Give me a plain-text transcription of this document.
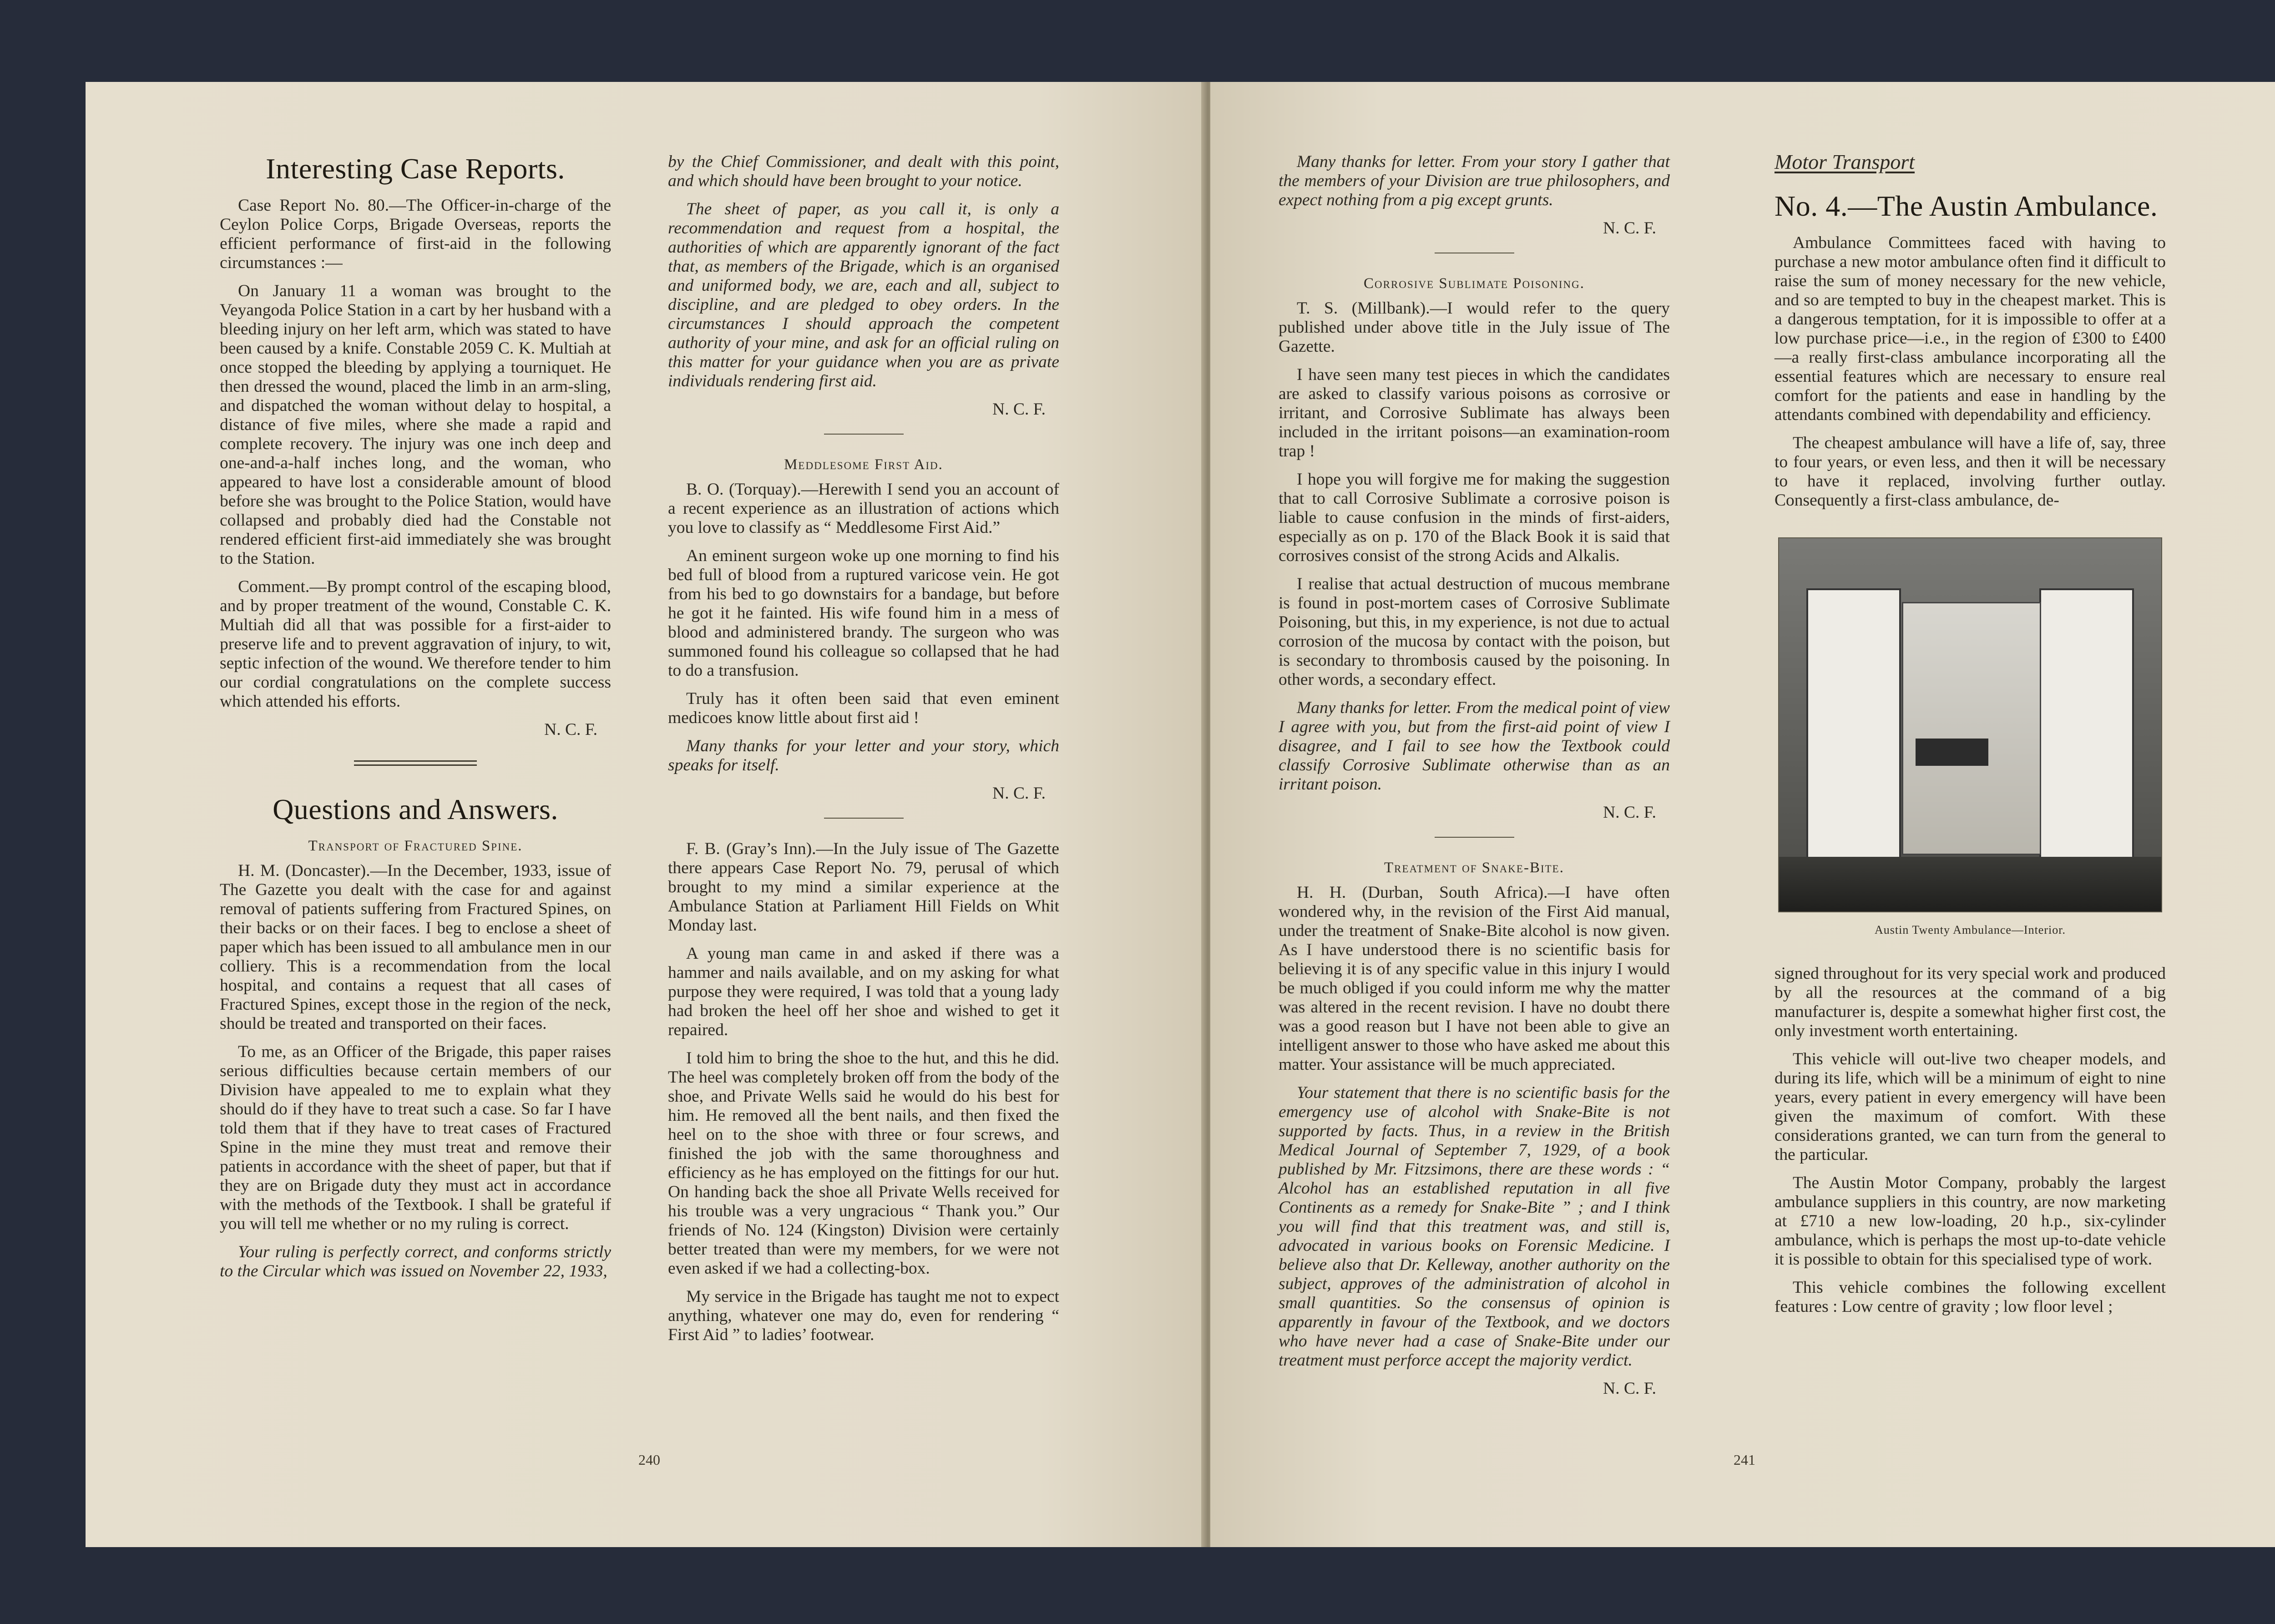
Interesting Case Reports.

Case Report No. 80.—The Officer-in-charge of the Ceylon Police Corps, Brigade Overseas, reports the efficient performance of first-aid in the following circumstances :—

On January 11 a woman was brought to the Veyangoda Police Station in a cart by her husband with a bleeding injury on her left arm, which was stated to have been caused by a knife. Constable 2059 C. K. Multiah at once stopped the bleeding by applying a tourniquet. He then dressed the wound, placed the limb in an arm-sling, and dispatched the woman without delay to hospital, a distance of five miles, where she made a rapid and complete recovery. The injury was one inch deep and one-and-a-half inches long, and the woman, who appeared to have lost a considerable amount of blood before she was brought to the Police Station, would have collapsed and probably died had the Constable not rendered efficient first-aid immediately she was brought to the Station.

Comment.—By prompt control of the escaping blood, and by proper treatment of the wound, Constable C. K. Multiah did all that was possible for a first-aider to preserve life and to prevent aggravation of injury, to wit, septic infection of the wound. We therefore tender to him our cordial congratulations on the complete success which attended his efforts.

N. C. F.
Questions and Answers.
Transport of Fractured Spine.

H. M. (Doncaster).—In the December, 1933, issue of The Gazette you dealt with the case for and against removal of patients suffering from Fractured Spines, on their backs or on their faces. I beg to enclose a sheet of paper which has been issued to all ambulance men in our colliery. This is a recommendation from the local hospital, and contains a request that all cases of Fractured Spines, except those in the region of the neck, should be treated and transported on their faces.

To me, as an Officer of the Brigade, this paper raises serious difficulties because certain members of our Division have appealed to me to explain what they should do if they have to treat such a case. So far I have told them that if they have to treat cases of Fractured Spine in the mine they must treat and remove their patients in accordance with the sheet of paper, but that if they are on Brigade duty they must act in accordance with the methods of the Textbook. I shall be grateful if you will tell me whether or no my ruling is correct.

Your ruling is perfectly correct, and conforms strictly to the Circular which was issued on November 22, 1933,

by the Chief Commissioner, and dealt with this point, and which should have been brought to your notice.

The sheet of paper, as you call it, is only a recommendation and request from a hospital, the authorities of which are apparently ignorant of the fact that, as members of the Brigade, which is an organised and uniformed body, we are, each and all, subject to discipline, and are pledged to obey orders. In the circumstances I should approach the competent authority of your mine, and ask for an official ruling on this matter for your guidance when you are as private individuals rendering first aid.

N. C. F.
Meddlesome First Aid.

B. O. (Torquay).—Herewith I send you an account of a recent experience as an illustration of actions which you love to classify as “ Meddlesome First Aid.”

An eminent surgeon woke up one morning to find his bed full of blood from a ruptured varicose vein. He got from his bed to go downstairs for a bandage, but before he got it he fainted. His wife found him in a mess of blood and administered brandy. The surgeon who was summoned found his colleague so collapsed that he had to do a transfusion.

Truly has it often been said that even eminent medicoes know little about first aid !

Many thanks for your letter and your story, which speaks for itself.

N. C. F.

F. B. (Gray’s Inn).—In the July issue of The Gazette there appears Case Report No. 79, perusal of which brought to my mind a similar experience at the Ambulance Station at Parliament Hill Fields on Whit Monday last.

A young man came in and asked if there was a hammer and nails available, and on my asking for what purpose they were required, I was told that a young lady had broken the heel off her shoe and wished to get it repaired.

I told him to bring the shoe to the hut, and this he did. The heel was completely broken off from the body of the shoe, and Private Wells said he would do his best for him. He removed all the bent nails, and then fixed the heel on to the shoe with three or four screws, and finished the job with the same thoroughness and efficiency as he has employed on the fittings for our hut. On handing back the shoe all Private Wells received for his trouble was a very ungracious “ Thank you.” Our friends of No. 124 (Kingston) Division were certainly better treated than were my members, for we were not even asked if we had a collecting-box.

My service in the Brigade has taught me not to expect anything, whatever one may do, even for rendering “ First Aid ” to ladies’ footwear.

240

Many thanks for letter. From your story I gather that the members of your Division are true philosophers, and expect nothing from a pig except grunts.

N. C. F.
Corrosive Sublimate Poisoning.

T. S. (Millbank).—I would refer to the query published under above title in the July issue of The Gazette.

I have seen many test pieces in which the candidates are asked to classify various poisons as corrosive or irritant, and Corrosive Sublimate has always been included in the irritant poisons—an examination-room trap !

I hope you will forgive me for making the suggestion that to call Corrosive Sublimate a corrosive poison is liable to cause confusion in the minds of first-aiders, especially as on p. 170 of the Black Book it is said that corrosives consist of the strong Acids and Alkalis.

I realise that actual destruction of mucous membrane is found in post-mortem cases of Corrosive Sublimate Poisoning, but this, in my experience, is not due to actual corrosion of the mucosa by contact with the poison, but is secondary to thrombosis caused by the poisoning. In other words, a secondary effect.

Many thanks for letter. From the medical point of view I agree with you, but from the first-aid point of view I disagree, and I fail to see how the Textbook could classify Corrosive Sublimate otherwise than as an irritant poison.

N. C. F.
Treatment of Snake-Bite.

H. H. (Durban, South Africa).—I have often wondered why, in the revision of the First Aid manual, under the treatment of Snake-Bite alcohol is now given. As I have understood there is no scientific basis for believing it is of any specific value in this injury I would be much obliged if you could inform me why the matter was altered in the recent revision. I have no doubt there was a good reason but I have not been able to give an intelligent answer to those who have asked me about this matter. Your assistance will be much appreciated.

Your statement that there is no scientific basis for the emergency use of alcohol with Snake-Bite is not supported by facts. Thus, in a review in the British Medical Journal of September 7, 1929, of a book published by Mr. Fitzsimons, there are these words : “ Alcohol has an established reputation in all five Continents as a remedy for Snake-Bite ” ; and I think you will find that this treatment was, and still is, advocated in various books on Forensic Medicine. I believe also that Dr. Kelleway, another authority on the subject, approves of the administration of alcohol in small quantities. So the consensus of opinion is apparently in favour of the Textbook, and we doctors who have never had a case of Snake-Bite under our treatment must perforce accept the majority verdict.

N. C. F.
Motor Transport
No. 4.—The Austin Ambulance.

Ambulance Committees faced with having to purchase a new motor ambulance often find it difficult to raise the sum of money necessary for the new vehicle, and so are tempted to buy in the cheapest market. This is a dangerous temptation, for it is impossible to offer at a low purchase price—i.e., in the region of £300 to £400—a really first-class ambulance incorporating all the essential features which are necessary to ensure real comfort for the patients and ease in handling by the attendants combined with dependability and efficiency.

The cheapest ambulance will have a life of, say, three to four years, or even less, and then it will be necessary to have it replaced, involving further outlay. Consequently a first-class ambulance, de-

Austin Twenty Ambulance—Interior.

signed throughout for its very special work and produced by all the resources at the command of a big manufacturer is, despite a somewhat higher first cost, the only investment worth entertaining.

This vehicle will out-live two cheaper models, and during its life, which will be a minimum of eight to nine years, every patient in every emergency will have been given the maximum of comfort. With these considerations granted, we can turn from the general to the particular.

The Austin Motor Company, probably the largest ambulance suppliers in this country, are now marketing at £710 a new low-loading, 20 h.p., six-cylinder ambulance, which is perhaps the most up-to-date vehicle it is possible to obtain for this specialised type of work.

This vehicle combines the following excellent features : Low centre of gravity ; low floor level ;

241
